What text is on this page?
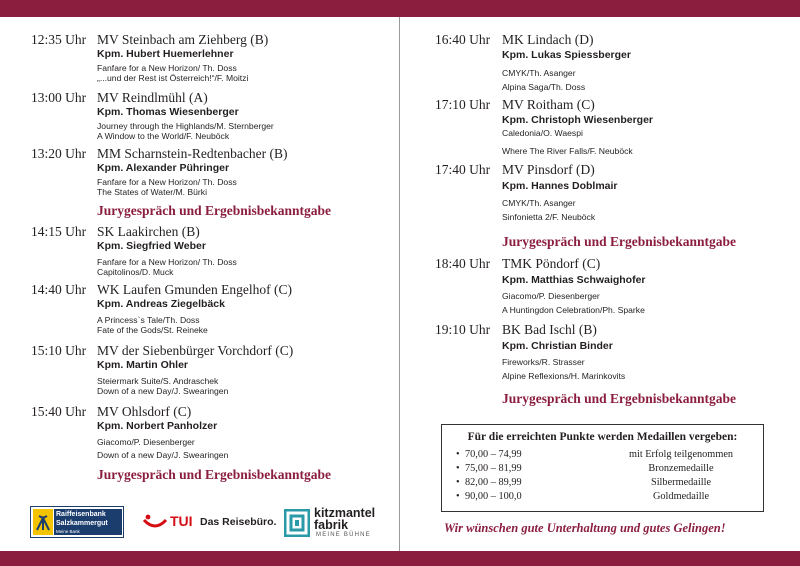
12:35 Uhr MV Steinbach am Ziehberg (B)
Kpm. Hubert Huemerlehner
Fanfare for a New Horizon/ Th. Doss
„...und der Rest ist Österreich!“/F. Moitzi
13:00 Uhr MV Reindlmühl (A)
Kpm. Thomas Wiesenberger
Journey through the Highlands/M. Sternberger
A Window to the World/F. Neuböck
13:20 Uhr MM Scharnstein-Redtenbacher (B)
Kpm. Alexander Pühringer
Fanfare for a New Horizon/ Th. Doss
The States of Water/M. Bürki
Jurygespräch und Ergebnisbekanntgabe
14:15 Uhr SK Laakirchen (B)
Kpm. Siegfried Weber
Fanfare for a New Horizon/ Th. Doss
Capitolinos/D. Muck
14:40 Uhr WK Laufen Gmunden Engelhof (C)
Kpm. Andreas Ziegelbäck
A Princess`s Tale/Th. Doss
Fate of the Gods/St. Reineke
15:10 Uhr MV der Siebenbürger Vorchdorf (C)
Kpm. Martin Ohler
Steiermark Suite/S. Andraschek
Down of a new Day/J. Swearingen
15:40 Uhr MV Ohlsdorf (C)
Kpm. Norbert Panholzer
Giacomo/P. Diesenberger
Down of a new Day/J. Swearingen
Jurygespräch und Ergebnisbekanntgabe
Raiffeisenbank
Salzkammergut
Meine Bank
TUI Das Reisebüro.
kitzmantel
fabrik
MEINE BÜHNE
16:40 Uhr MK Lindach (D)
Kpm. Lukas Spiessberger
CMYK/Th. Asanger
Alpina Saga/Th. Doss
17:10 Uhr MV Roitham (C)
Kpm. Christoph Wiesenberger
Caledonia/O. Waespi
Where The River Falls/F. Neuböck
17:40 Uhr MV Pinsdorf (D)
Kpm. Hannes Doblmair
CMYK/Th. Asanger
Sinfonietta 2/F. Neuböck
Jurygespräch und Ergebnisbekanntgabe
18:40 Uhr TMK Pöndorf (C)
Kpm. Matthias Schwaighofer
Giacomo/P. Diesenberger
A Huntingdon Celebration/Ph. Sparke
19:10 Uhr BK Bad Ischl (B)
Kpm. Christian Binder
Fireworks/R. Strasser
Alpine Reflexions/H. Marinkovits
Jurygespräch und Ergebnisbekanntgabe
Für die erreichten Punkte werden Medaillen vergeben:
• 70,00 – 74,99	mit Erfolg teilgenommen
• 75,00 – 81,99	Bronzemedaille
• 82,00 – 89,99	Silbermedaille
• 90,00 – 100,0	Goldmedaille
Wir wünschen gute Unterhaltung und gutes Gelingen!
